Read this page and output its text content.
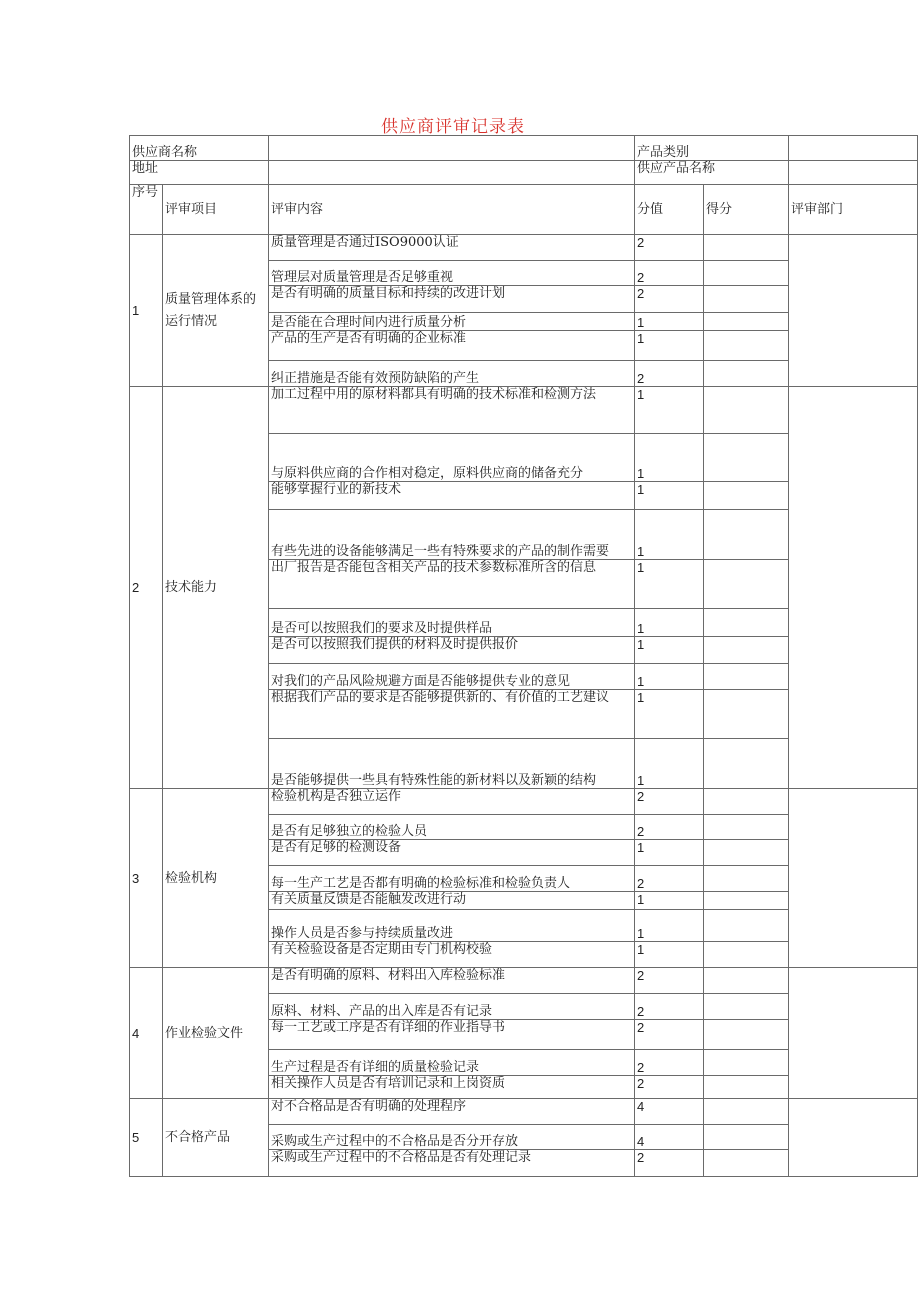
供应商评审记录表
供应商名称			产品类别		
地址			供应产品名称		
序号	评审项目	评审内容	分值	得分	评审部门
1	质量管理体系的运行情况	质量管理是否通过ISO9000认证	2		
		管理层对质量管理是否足够重视	2		
		是否有明确的质量目标和持续的改进计划	2		
		是否能在合理时间内进行质量分析	1		
		产品的生产是否有明确的企业标准	1		
		纠正措施是否能有效预防缺陷的产生	2		
2	技术能力	加工过程中用的原材料都具有明确的技术标准和检测方法	1		
		与原料供应商的合作相对稳定，原料供应商的储备充分	1		
		能够掌握行业的新技术	1		
		有些先进的设备能够满足一些有特殊要求的产品的制作需要	1		
		出厂报告是否能包含相关产品的技术参数标准所含的信息	1		
		是否可以按照我们的要求及时提供样品	1		
		是否可以按照我们提供的材料及时提供报价	1		
		对我们的产品风险规避方面是否能够提供专业的意见	1		
		根据我们产品的要求是否能够提供新的、有价值的工艺建议	1		
		是否能够提供一些具有特殊性能的新材料以及新颖的结构	1		
3	检验机构	检验机构是否独立运作	2		
		是否有足够独立的检验人员	2		
		是否有足够的检测设备	1		
		每一生产工艺是否都有明确的检验标准和检验负责人	2		
		有关质量反馈是否能触发改进行动	1		
		操作人员是否参与持续质量改进	1		
		有关检验设备是否定期由专门机构校验	1		
4	作业检验文件	是否有明确的原料、材料出入库检验标准	2		
		原料、材料、产品的出入库是否有记录	2		
		每一工艺或工序是否有详细的作业指导书	2		
		生产过程是否有详细的质量检验记录	2		
		相关操作人员是否有培训记录和上岗资质	2		
5	不合格产品	对不合格品是否有明确的处理程序	4		
		采购或生产过程中的不合格品是否分开存放	4		
		采购或生产过程中的不合格品是否有处理记录	2		
